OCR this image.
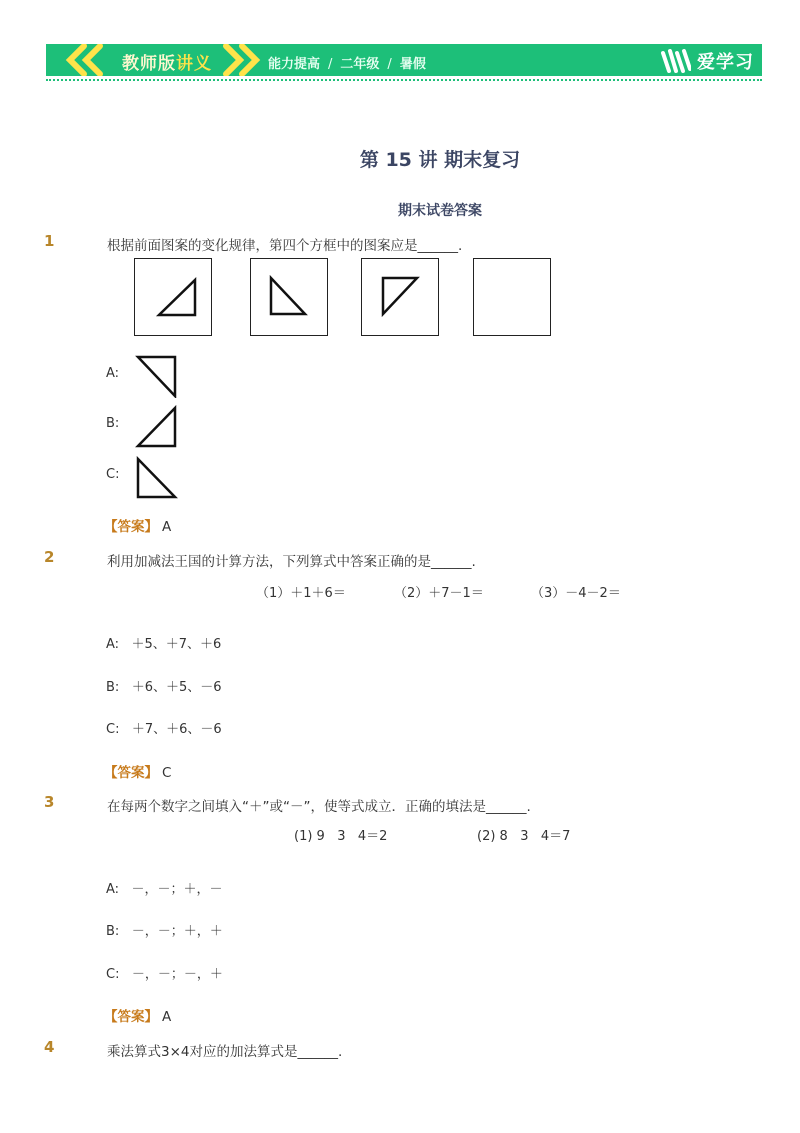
教师版讲义	能力提高 / 二年级 / 暑假	爱学习
第 15 讲 期末复习
期末试卷答案
1	根据前面图案的变化规律，第四个方框中的图案应是______.
A:
B:
C:
【答案】 A
2	利用加减法王国的计算方法，下列算式中答案正确的是______.
（1）＋1＋6＝	（2）＋7－1＝	（3）－4－2＝
A: ＋5、＋7、＋6
B: ＋6、＋5、－6
C: ＋7、＋6、－6
【答案】 C
3	在每两个数字之间填入“＋”或“－”，使等式成立．正确的填法是______.
(1) 9   3   4＝2	(2) 8   3   4＝7
A: －，－；＋，－
B: －，－；＋，＋
C: －，－；－，＋
【答案】 A
4	乘法算式3×4对应的加法算式是______.
